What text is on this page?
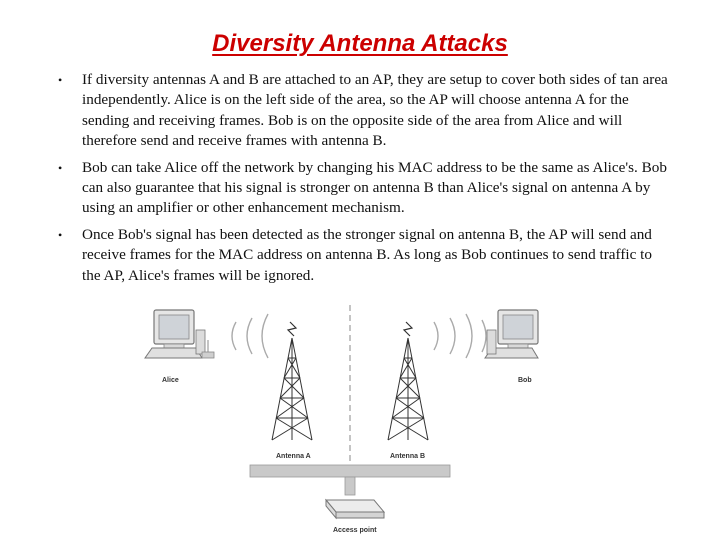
Diversity Antenna Attacks
• If diversity antennas A and B are attached to an AP, they are setup to cover both sides of tan area independently. Alice is on the left side of the area, so the AP will choose antenna A for the sending and receiving frames. Bob is on the opposite side of the area from Alice and will therefore send and receive frames with antenna B.
• Bob can take Alice off the network by changing his MAC address to be the same as Alice's. Bob can also guarantee that his signal is stronger on antenna B than Alice's signal on antenna A by using an amplifier or other enhancement mechanism.
• Once Bob's signal has been detected as the stronger signal on antenna B, the AP will send and receive frames for the MAC address on antenna B. As long as Bob continues to send traffic to the AP, Alice's frames will be ignored.
Alice	Bob
Antenna A	Antenna B
Access point
